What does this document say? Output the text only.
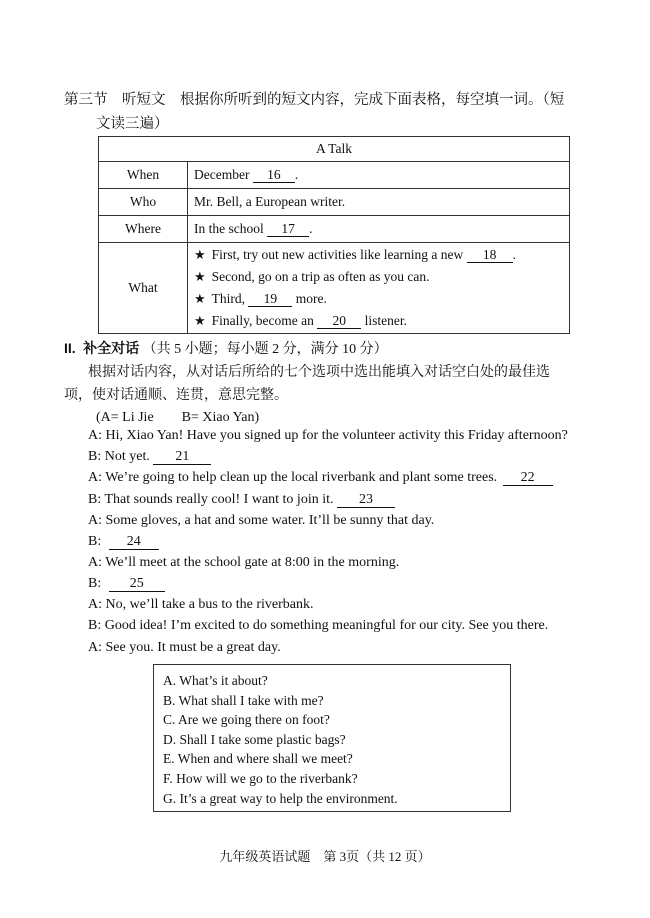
第三节　听短文　根据你所听到的短文内容，完成下面表格，每空填一词。（短
文读三遍）
A Talk	
When	December 16 .
Who	Mr. Bell, a European writer.
Where	In the school 17 .
What	★ First, try out new activities like learning a new 18 .
★ Second, go on a trip as often as you can.
★ Third, 19 more.
★ Finally, become an 20 listener.
II. 补全对话 （共 5 小题；每小题 2 分，满分 10 分）
根据对话内容，从对话后所给的七个选项中选出能填入对话空白处的最佳选
项，使对话通顺、连贯，意思完整。
(A= Li Jie　　B= Xiao Yan)
A: Hi, Xiao Yan! Have you signed up for the volunteer activity this Friday afternoon?
B: Not yet. 21
A: We’re going to help clean up the local riverbank and plant some trees. 22
B: That sounds really cool! I want to join it. 23
A: Some gloves, a hat and some water. It’ll be sunny that day.
B: 24
A: We’ll meet at the school gate at 8:00 in the morning.
B: 25
A: No, we’ll take a bus to the riverbank.
B: Good idea! I’m excited to do something meaningful for our city. See you there.
A: See you. It must be a great day.
A. What’s it about?
B. What shall I take with me?
C. Are we going there on foot?
D. Shall I take some plastic bags?
E. When and where shall we meet?
F. How will we go to the riverbank?
G. It’s a great way to help the environment.
九年级英语试题　第 3页（共 12 页）
